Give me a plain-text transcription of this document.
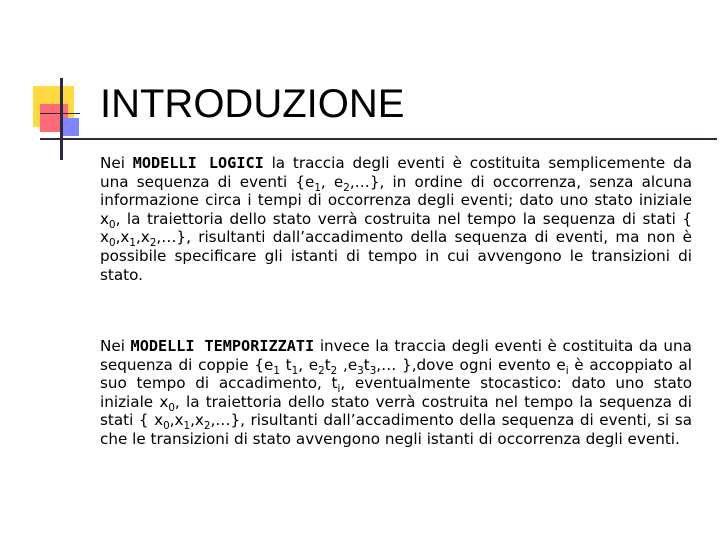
INTRODUZIONE

Nei MODELLI LOGICI la traccia degli eventi è costituita semplicemente da una sequenza di eventi {$e_1$, $e_2,\dots$}, in ordine di occorrenza, senza alcuna informazione circa i tempi di occorrenza degli eventi; dato uno stato iniziale $x_0$, la traiettoria dello stato verrà costruita nel tempo la sequenza di stati { $x_0,x_1,x_2,\dots$}, risultanti dall’accadimento della sequenza di eventi, ma non è possibile specificare gli istanti di tempo in cui avvengono le transizioni di stato.

Nei MODELLI TEMPORIZZATI invece la traccia degli eventi è costituita da una sequenza di coppie {$e_1$ $t_1$, $e_2t_2$ $,e_3t_3,\dots$ },dove ogni evento $e_i$ è accoppiato al suo tempo di accadimento, $t_i$, eventualmente stocastico: dato uno stato iniziale $x_0$, la traiettoria dello stato verrà costruita nel tempo la sequenza di stati { $x_0,x_1,x_2,\dots$}, risultanti dall’accadimento della sequenza di eventi, si sa che le transizioni di stato avvengono negli istanti di occorrenza degli eventi.
